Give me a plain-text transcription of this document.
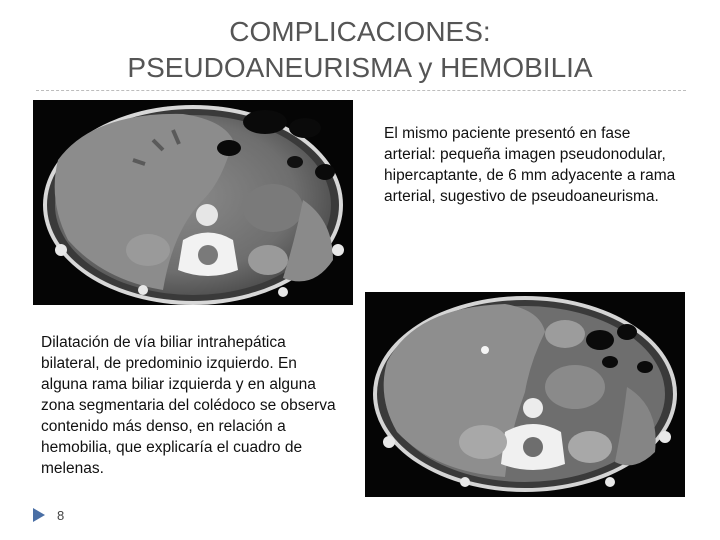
COMPLICACIONES:
PSEUDOANEURISMA y HEMOBILIA
El mismo paciente presentó en fase arterial: pequeña imagen pseudonodular, hipercaptante, de 6 mm adyacente a rama arterial, sugestivo de pseudoaneurisma.
Dilatación de vía biliar intrahepática bilateral, de predominio izquierdo. En alguna rama biliar izquierda y en alguna zona segmentaria del colédoco se observa contenido más denso, en relación a hemobilia, que explicaría el cuadro de melenas.
8
